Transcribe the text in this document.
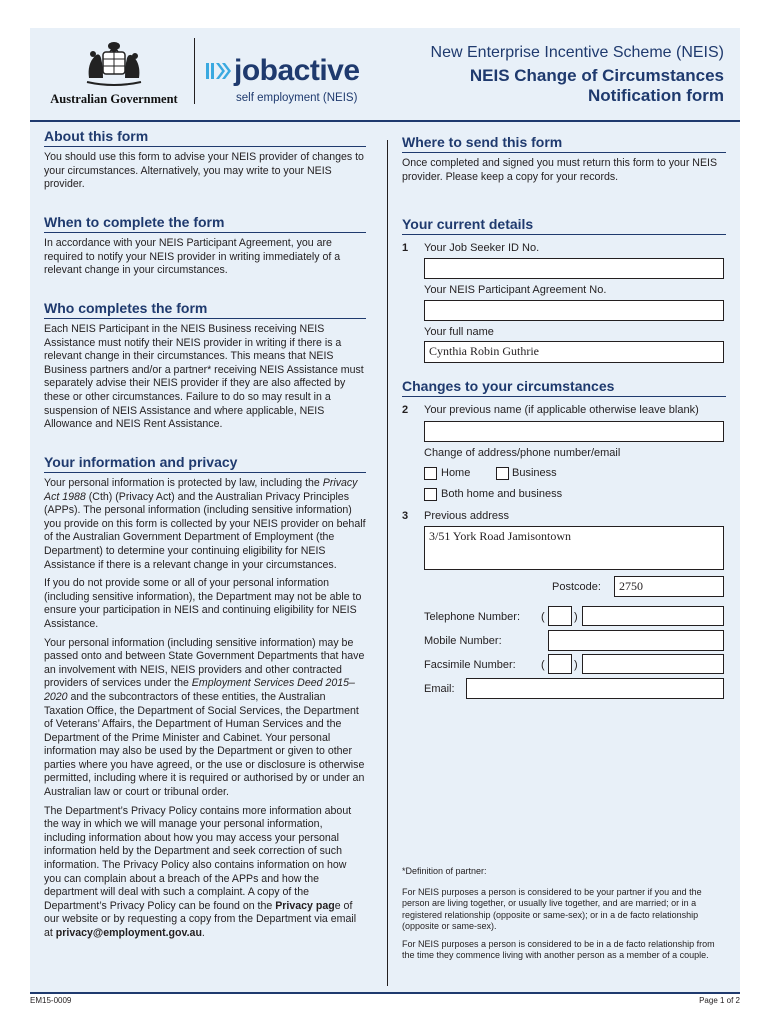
Australian Government
jobactive
self employment (NEIS)
New Enterprise Incentive Scheme (NEIS)
NEIS Change of Circumstances
Notification form
About this form

You should use this form to advise your NEIS provider of changes to your circumstances. Alternatively, you may write to your NEIS provider.

When to complete the form

In accordance with your NEIS Participant Agreement, you are required to notify your NEIS provider in writing immediately of a relevant change in your circumstances.

Who completes the form

Each NEIS Participant in the NEIS Business receiving NEIS Assistance must notify their NEIS provider in writing if there is a relevant change in their circumstances. This means that NEIS Business partners and/or a partner* receiving NEIS Assistance must separately advise their NEIS provider if they are also affected by these or other circumstances. Failure to do so may result in a suspension of NEIS Assistance and where applicable, NEIS Allowance and NEIS Rent Assistance.

Your information and privacy

Your personal information is protected by law, including the Privacy Act 1988 (Cth) (Privacy Act) and the Australian Privacy Principles (APPs). The personal information (including sensitive information) you provide on this form is collected by your NEIS provider on behalf of the Australian Government Department of Employment (the Department) to determine your continuing eligibility for NEIS Assistance if there is a relevant change in your circumstances.

If you do not provide some or all of your personal information (including sensitive information), the Department may not be able to ensure your participation in NEIS and continuing eligibility for NEIS Assistance.

Your personal information (including sensitive information) may be passed onto and between State Government Departments that have an involvement with NEIS, NEIS providers and other contracted providers of services under the Employment Services Deed 2015–2020 and the subcontractors of these entities, the Australian Taxation Office, the Department of Social Services, the Department of Veterans’ Affairs, the Department of Human Services and the Department of the Prime Minister and Cabinet. Your personal information may also be used by the Department or given to other parties where you have agreed, or the use or disclosure is otherwise permitted, including where it is required or authorised by or under an Australian law or court or tribunal order.

The Department’s Privacy Policy contains more information about the way in which we will manage your personal information, including information about how you may access your personal information held by the Department and seek correction of such information. The Privacy Policy also contains information on how you can complain about a breach of the APPs and how the department will deal with such a complaint. A copy of the Department’s Privacy Policy can be found on the Privacy page of our website or by requesting a copy from the Department via email at privacy@employment.gov.au.

Where to send this form

Once completed and signed you must return this form to your NEIS provider. Please keep a copy for your records.

Your current details
1 Your Job Seeker ID No.
Your NEIS Participant Agreement No.
Your full name
Cynthia Robin Guthrie
Changes to your circumstances
2 Your previous name (if applicable otherwise leave blank)
Change of address/phone number/email
Home	Business
Both home and business
3 Previous address
3/51 York Road Jamisontown
Postcode:	2750
Telephone Number: (	)
Mobile Number:
Facsimile Number: (	)
Email:
*Definition of partner:
For NEIS purposes a person is considered to be your partner if you and the person are living together, or usually live together, and are married; or in a registered relationship (opposite or same-sex); or in a de facto relationship (opposite or same-sex).
For NEIS purposes a person is considered to be in a de facto relationship from the time they commence living with another person as a member of a couple.
EM15-0009	Page 1 of 2
